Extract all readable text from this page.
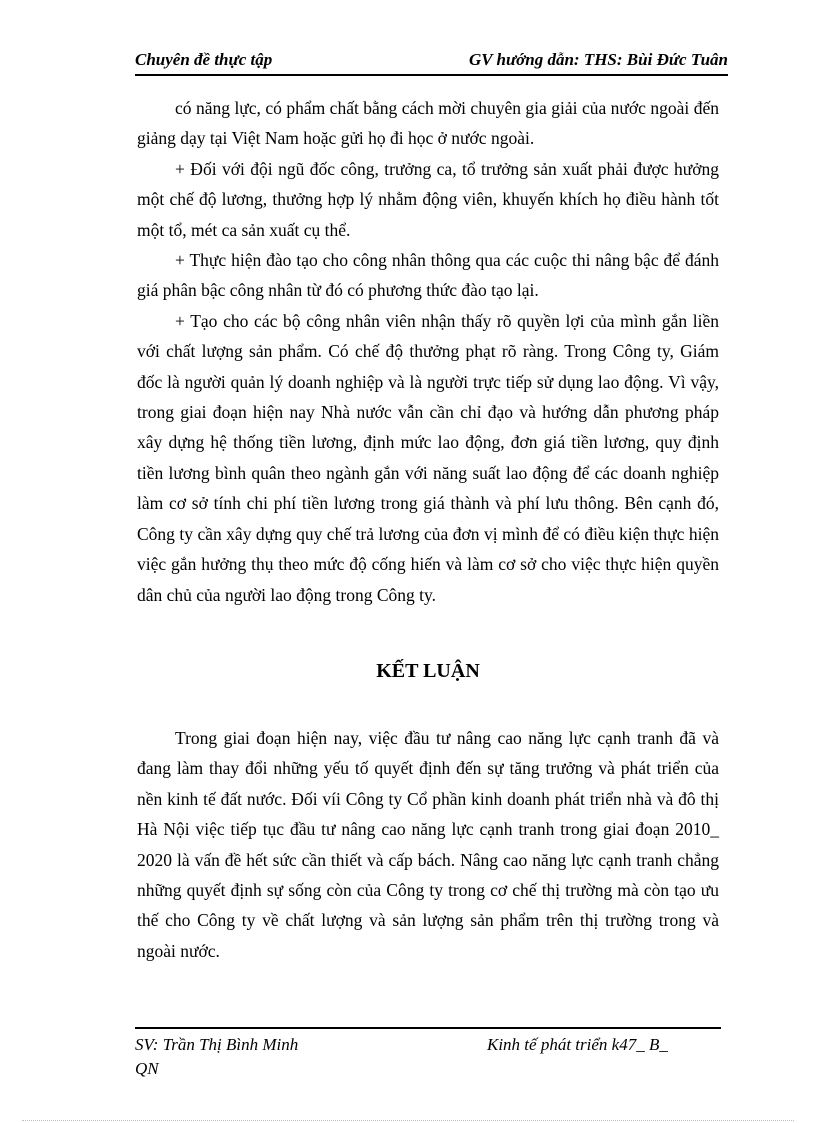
Chuyên đề thực tập	GV hướng dẫn: THS: Bùi Đức Tuân

có năng lực, có phẩm chất bằng cách mời chuyên gia giải của nước ngoài đến giảng dạy tại Việt Nam hoặc gửi họ đi học ở nước ngoài.

+ Đối với đội ngũ đốc công, trưởng ca, tổ trưởng sản xuất phải được hưởng một chế độ lương, thưởng hợp lý nhằm động viên, khuyến khích họ điều hành tốt một tổ, mét ca sản xuất cụ thể.

+ Thực hiện đào tạo cho công nhân thông qua các cuộc thi nâng bậc để đánh giá phân bậc công nhân từ đó có phương thức đào tạo lại.

+ Tạo cho các bộ công nhân viên nhận thấy rõ quyền lợi của mình gắn liền với chất lượng sản phẩm. Có chế độ thưởng phạt rõ ràng. Trong Công ty, Giám đốc là người quản lý doanh nghiệp và là người trực tiếp sử dụng lao động. Vì vậy, trong giai đoạn hiện nay Nhà nước vẫn cần chỉ đạo và hướng dẫn phương pháp xây dựng hệ thống tiền lương, định mức lao động, đơn giá tiền lương, quy định tiền lương bình quân theo ngành gắn với năng suất lao động để các doanh nghiệp làm cơ sở tính chi phí tiền lương trong giá thành và phí lưu thông. Bên cạnh đó, Công ty cần xây dựng quy chế trả lương của đơn vị mình để có điều kiện thực hiện việc gắn hưởng thụ theo mức độ cống hiến và làm cơ sở cho việc thực hiện quyền dân chủ của người lao động trong Công ty.

KẾT LUẬN

Trong giai đoạn hiện nay, việc đầu tư nâng cao năng lực cạnh tranh đã và đang làm thay đổi những yếu tố quyết định đến sự tăng trưởng và phát triển của nền kinh tế đất nước. Đối víi Công ty Cổ phần kinh doanh phát triển nhà và đô thị Hà Nội việc tiếp tục đầu tư nâng cao năng lực cạnh tranh trong giai đoạn 2010_ 2020 là vấn đề hết sức cần thiết và cấp bách. Nâng cao năng lực cạnh tranh chẳng những quyết định sự sống còn của Công ty trong cơ chế thị trường mà còn tạo ưu thế cho Công ty về chất lượng và sản lượng sản phẩm trên thị trường trong và ngoài nước.

SV: Trần Thị Bình Minh	Kinh tế phát triển k47_ B_
QN
